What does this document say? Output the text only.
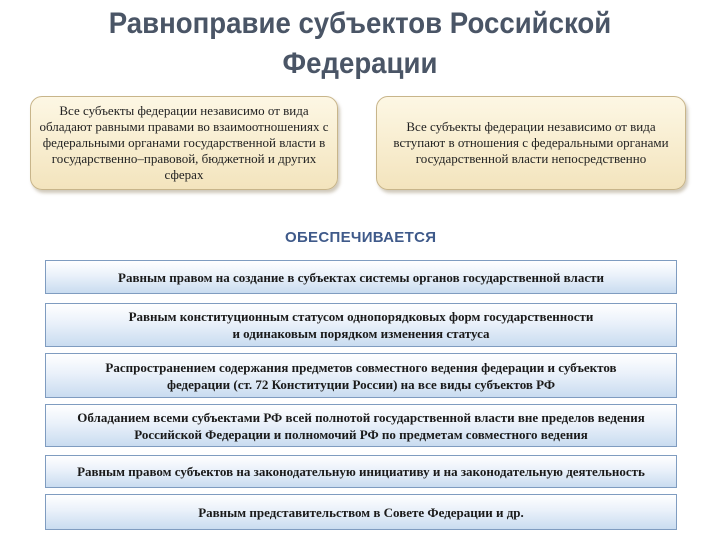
Равноправие субъектов Российской
Федерации
Все субъекты федерации независимо от вида обладают равными правами во взаимоотношениях с федеральными органами государственной власти в государственно–правовой, бюджетной и других сферах
Все субъекты федерации независимо от вида вступают в отношения с федеральными органами государственной власти непосредственно
ОБЕСПЕЧИВАЕТСЯ
Равным правом на создание в субъектах системы органов государственной власти
Равным конституционным статусом однопорядковых форм государственности
и одинаковым порядком изменения статуса
Распространением содержания предметов совместного ведения федерации и субъектов
федерации (ст. 72 Конституции России) на все виды субъектов РФ
Обладанием всеми субъектами РФ всей полнотой государственной власти вне пределов ведения
Российской Федерации и полномочий РФ по предметам совместного ведения
Равным правом субъектов на законодательную инициативу и на законодательную деятельность
Равным представительством в Совете Федерации и др.
